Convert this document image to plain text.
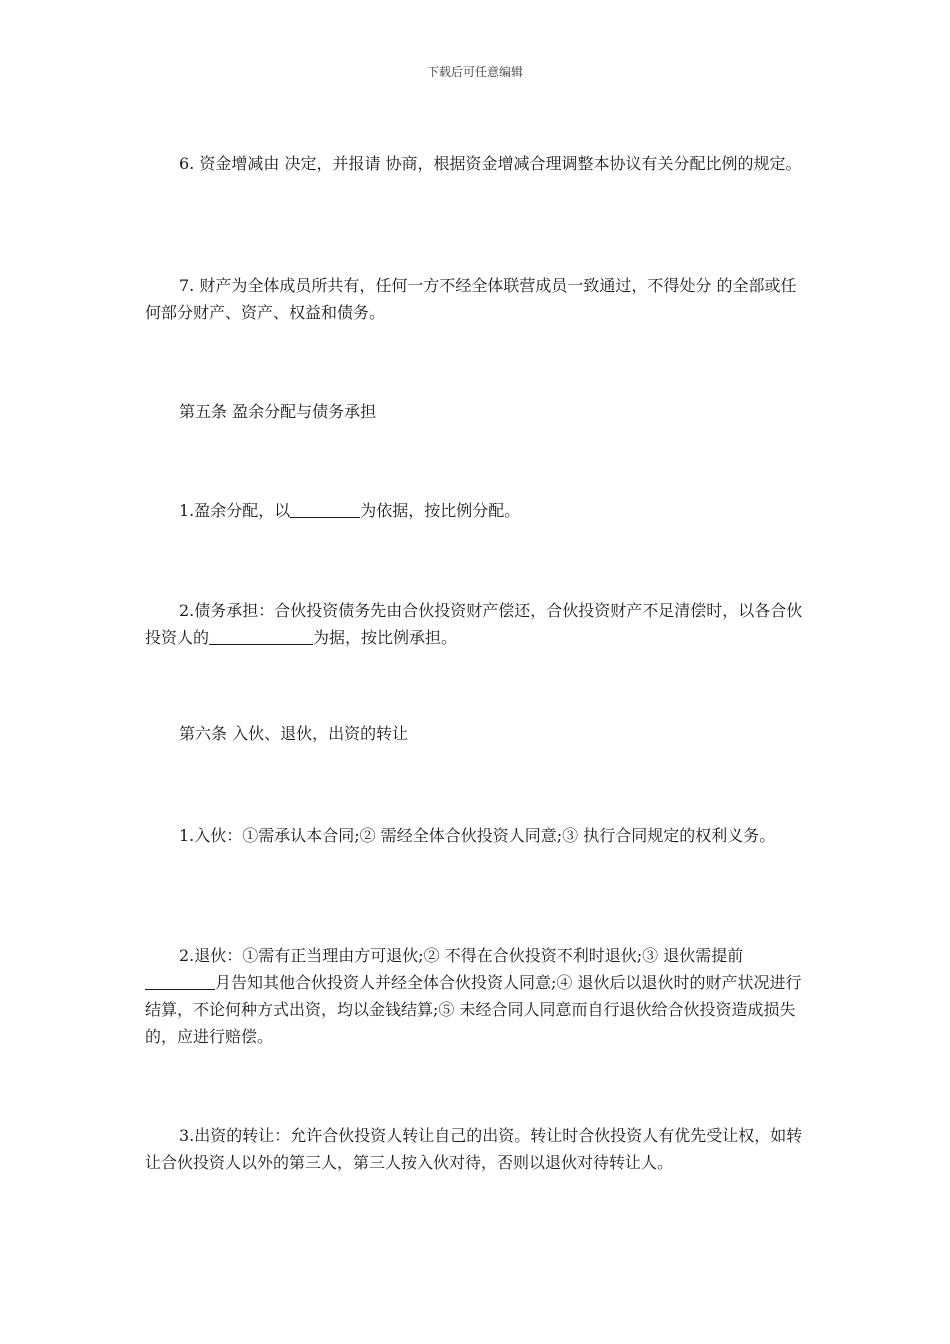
下载后可任意编辑

6. 资金增减由 决定，并报请 协商，根据资金增减合理调整本协议有关分配比例的规定。

7. 财产为全体成员所共有，任何一方不经全体联营成员一致通过，不得处分 的全部或任何部分财产、资产、权益和债务。

第五条 盈余分配与债务承担

1.盈余分配，以	为依据，按比例分配。

2.债务承担：合伙投资债务先由合伙投资财产偿还，合伙投资财产不足清偿时，以各合伙投资人的	为据，按比例承担。

第六条 入伙、退伙，出资的转让

1.入伙：①需承认本合同;② 需经全体合伙投资人同意;③ 执行合同规定的权利义务。

2.退伙：①需有正当理由方可退伙;② 不得在合伙投资不利时退伙;③ 退伙需提前月告知其他合伙投资人并经全体合伙投资人同意;④ 退伙后以退伙时的财产状况进行结算，不论何种方式出资，均以金钱结算;⑤ 未经合同人同意而自行退伙给合伙投资造成损失的，应进行赔偿。

3.出资的转让：允许合伙投资人转让自己的出资。转让时合伙投资人有优先受让权，如转让合伙投资人以外的第三人，第三人按入伙对待，否则以退伙对待转让人。
